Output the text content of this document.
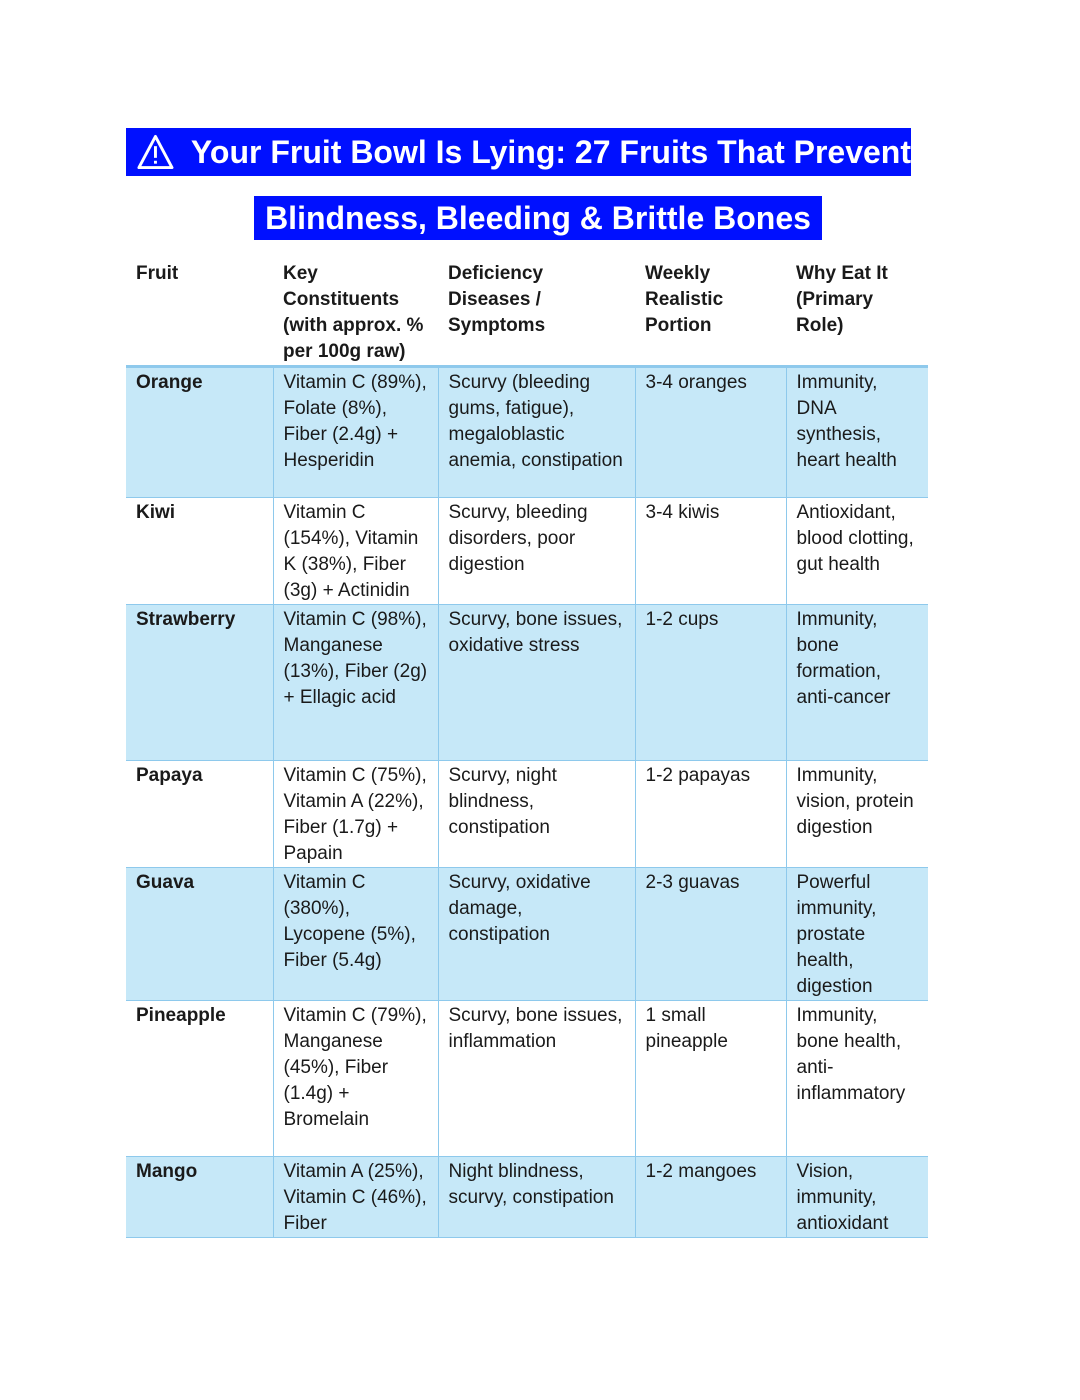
Your Fruit Bowl Is Lying: 27 Fruits That Prevent
Blindness, Bleeding & Brittle Bones
Fruit	Key Constituents (with approx. % per 100g raw)	Deficiency Diseases / Symptoms	Weekly Realistic Portion	Why Eat It (Primary Role)
Orange	Vitamin C (89%), Folate (8%), Fiber (2.4g) + Hesperidin	Scurvy (bleeding gums, fatigue), megaloblastic anemia, constipation	3-4 oranges	Immunity, DNA synthesis, heart health
Kiwi	Vitamin C (154%), Vitamin K (38%), Fiber (3g) + Actinidin	Scurvy, bleeding disorders, poor digestion	3-4 kiwis	Antioxidant, blood clotting, gut health
Strawberry	Vitamin C (98%), Manganese (13%), Fiber (2g) + Ellagic acid	Scurvy, bone issues, oxidative stress	1-2 cups	Immunity, bone formation, anti-cancer
Papaya	Vitamin C (75%), Vitamin A (22%), Fiber (1.7g) + Papain	Scurvy, night blindness, constipation	1-2 papayas	Immunity, vision, protein digestion
Guava	Vitamin C (380%), Lycopene (5%), Fiber (5.4g)	Scurvy, oxidative damage, constipation	2-3 guavas	Powerful immunity, prostate health, digestion
Pineapple	Vitamin C (79%), Manganese (45%), Fiber (1.4g) + Bromelain	Scurvy, bone issues, inflammation	1 small pineapple	Immunity, bone health, anti-inflammatory
Mango	Vitamin A (25%), Vitamin C (46%), Fiber	Night blindness, scurvy, constipation	1-2 mangoes	Vision, immunity, antioxidant
